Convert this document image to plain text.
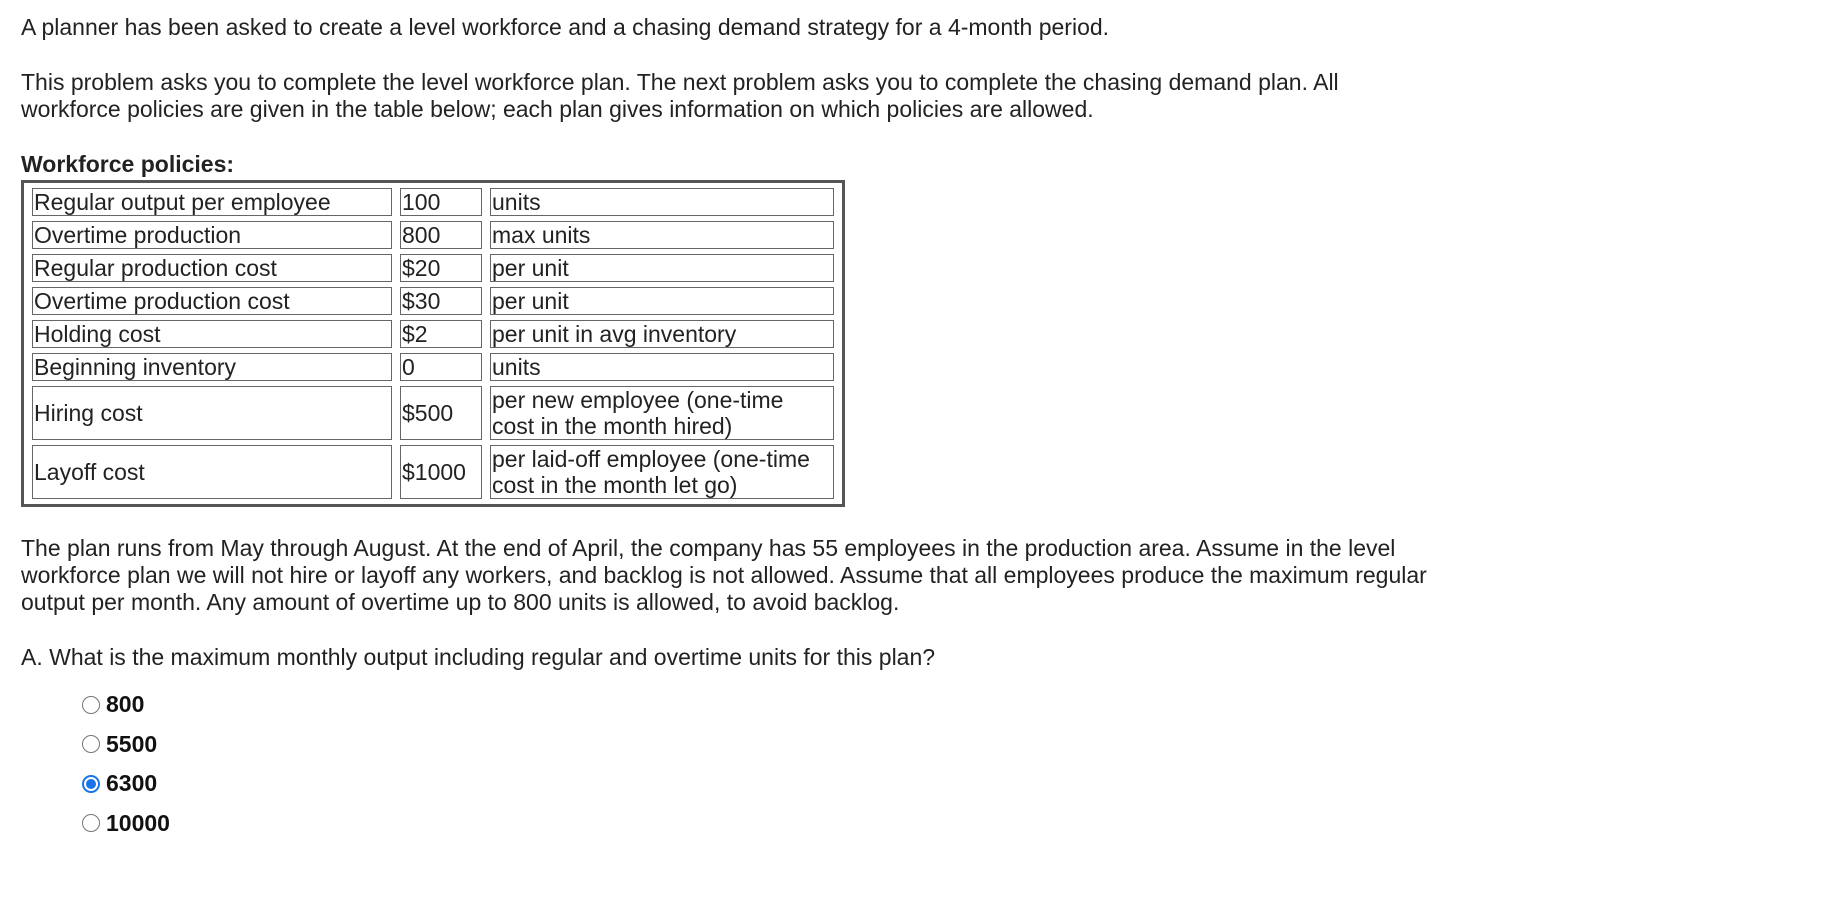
A planner has been asked to create a level workforce and a chasing demand strategy for a 4-month period.

This problem asks you to complete the level workforce plan. The next problem asks you to complete the chasing demand plan. All workforce policies are given in the table below; each plan gives information on which policies are allowed.

Workforce policies:
Regular output per employee	100	units
Overtime production	800	max units
Regular production cost	$20	per unit
Overtime production cost	$30	per unit
Holding cost	$2	per unit in avg inventory
Beginning inventory	0	units
Hiring cost	$500	per new employee (one-time cost in the month hired)
Layoff cost	$1000	per laid-off employee (one-time cost in the month let go)

The plan runs from May through August. At the end of April, the company has 55 employees in the production area. Assume in the level workforce plan we will not hire or layoff any workers, and backlog is not allowed. Assume that all employees produce the maximum regular output per month. Any amount of overtime up to 800 units is allowed, to avoid backlog.

A. What is the maximum monthly output including regular and overtime units for this plan?

800
5500
6300
10000
